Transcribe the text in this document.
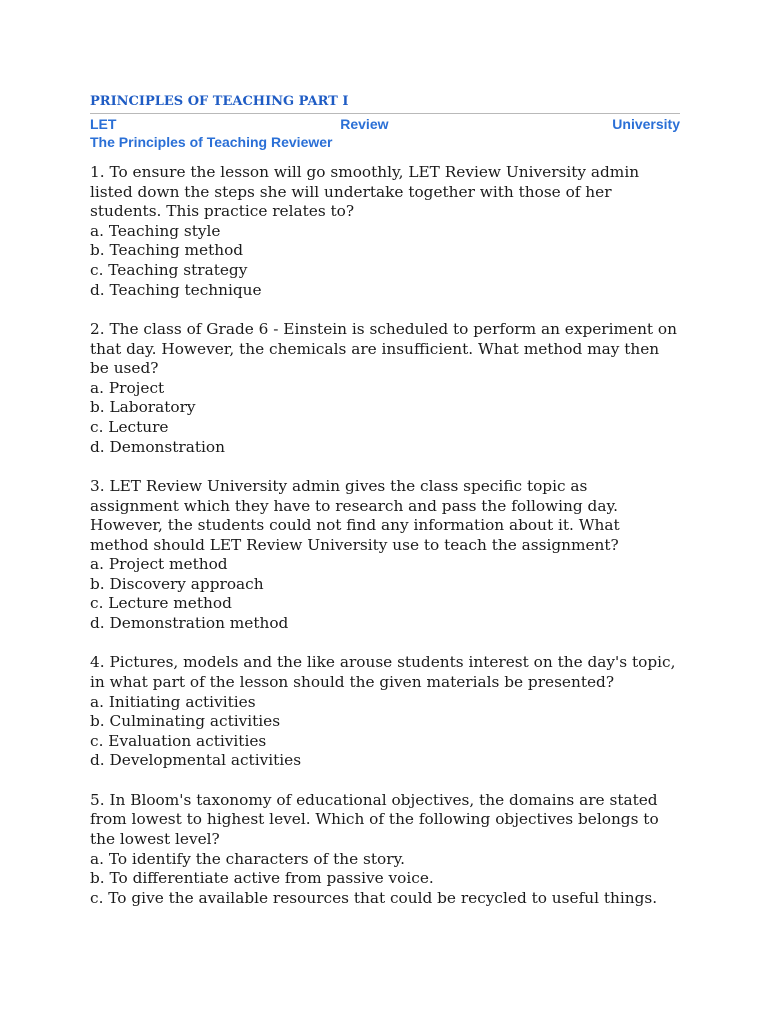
PRINCIPLES OF TEACHING PART I
LET	Review	University
The Principles of Teaching Reviewer

1. To ensure the lesson will go smoothly, LET Review University admin listed down the steps she will undertake together with those of her students. This practice relates to?

a. Teaching style
b. Teaching method
c. Teaching strategy
d. Teaching technique

2. The class of Grade 6 - Einstein is scheduled to perform an experiment on that day. However, the chemicals are insufficient. What method may then be used?

a. Project
b. Laboratory
c. Lecture
d. Demonstration

3. LET Review University admin gives the class specific topic as assignment which they have to research and pass the following day. However, the students could not find any information about it. What method should LET Review University use to teach the assignment?

a. Project method
b. Discovery approach
c. Lecture method
d. Demonstration method

4. Pictures, models and the like arouse students interest on the day's topic, in what part of the lesson should the given materials be presented?

a. Initiating activities
b. Culminating activities
c. Evaluation activities
d. Developmental activities

5. In Bloom's taxonomy of educational objectives, the domains are stated from lowest to highest level. Which of the following objectives belongs to the lowest level?

a. To identify the characters of the story.
b. To differentiate active from passive voice.
c. To give the available resources that could be recycled to useful things.
